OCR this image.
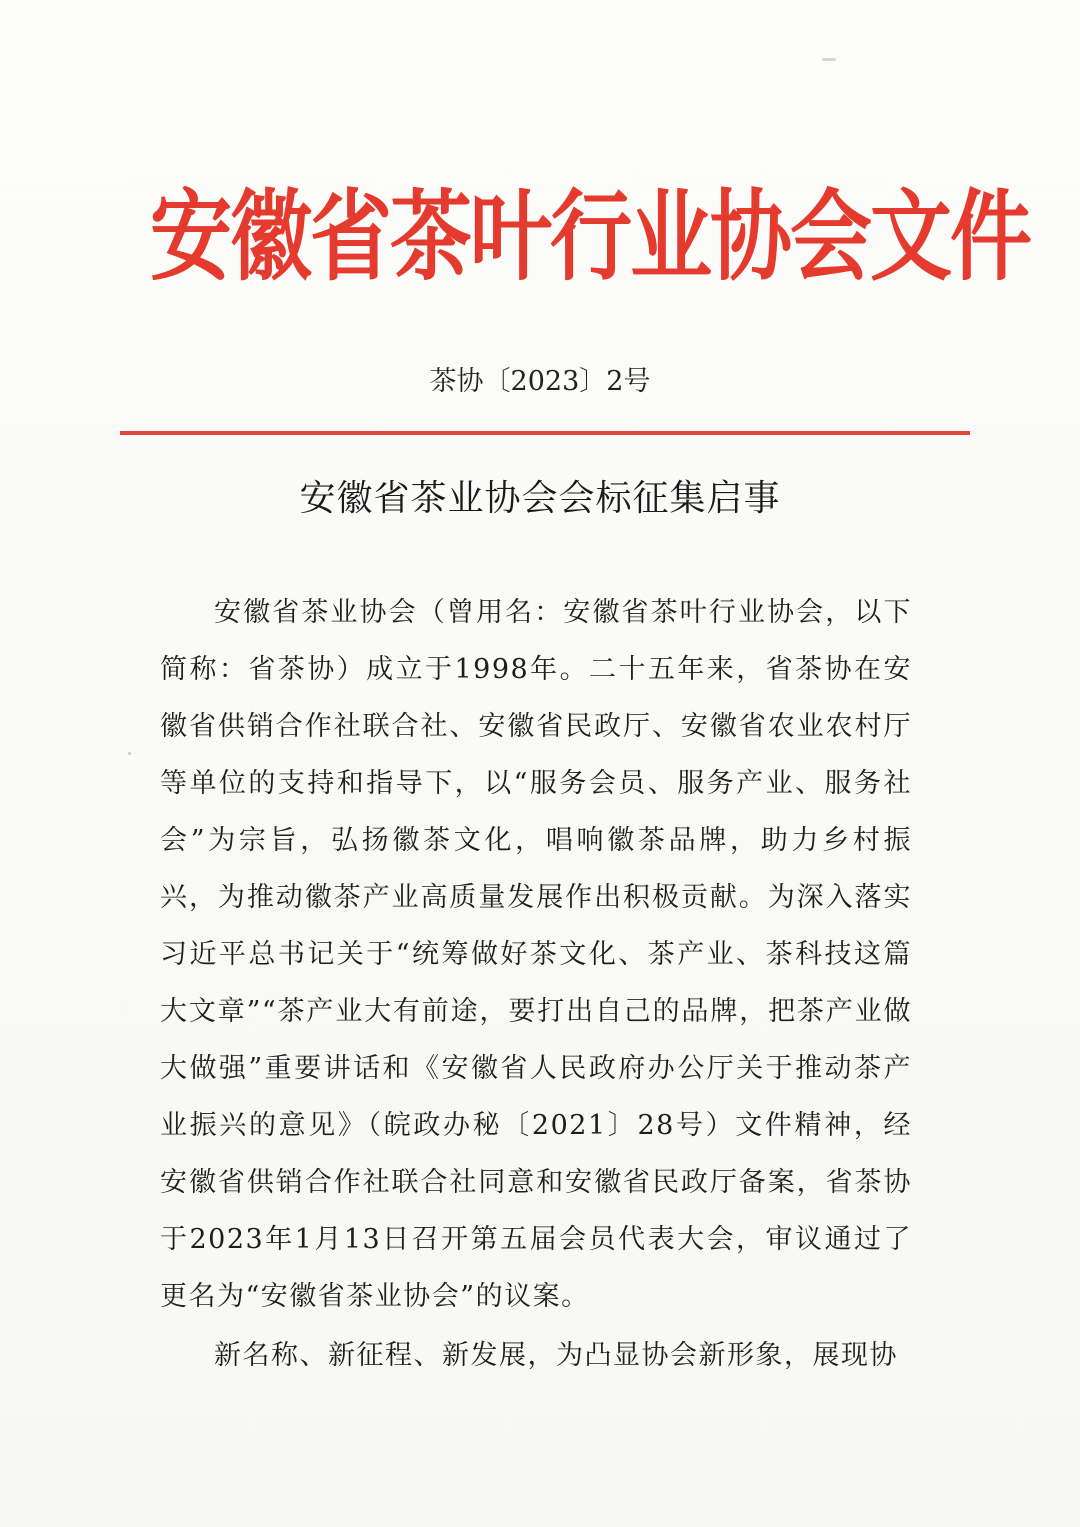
安徽省茶叶行业协会文件
茶协〔2023〕2号
安徽省茶业协会会标征集启事

安徽省茶业协会（曾用名：安徽省茶叶行业协会，以下简称：省茶协）成立于1998年。二十五年来，省茶协在安徽省供销合作社联合社、安徽省民政厅、安徽省农业农村厅等单位的支持和指导下，以“服务会员、服务产业、服务社会”为宗旨，弘扬徽茶文化，唱响徽茶品牌，助力乡村振兴，为推动徽茶产业高质量发展作出积极贡献。为深入落实习近平总书记关于“统筹做好茶文化、茶产业、茶科技这篇大文章”“茶产业大有前途，要打出自己的品牌，把茶产业做大做强”重要讲话和《安徽省人民政府办公厅关于推动茶产业振兴的意见》（皖政办秘〔2021〕28号）文件精神，经安徽省供销合作社联合社同意和安徽省民政厅备案，省茶协于2023年1月13日召开第五届会员代表大会，审议通过了更名为“安徽省茶业协会”的议案。

新名称、新征程、新发展，为凸显协会新形象，展现协
